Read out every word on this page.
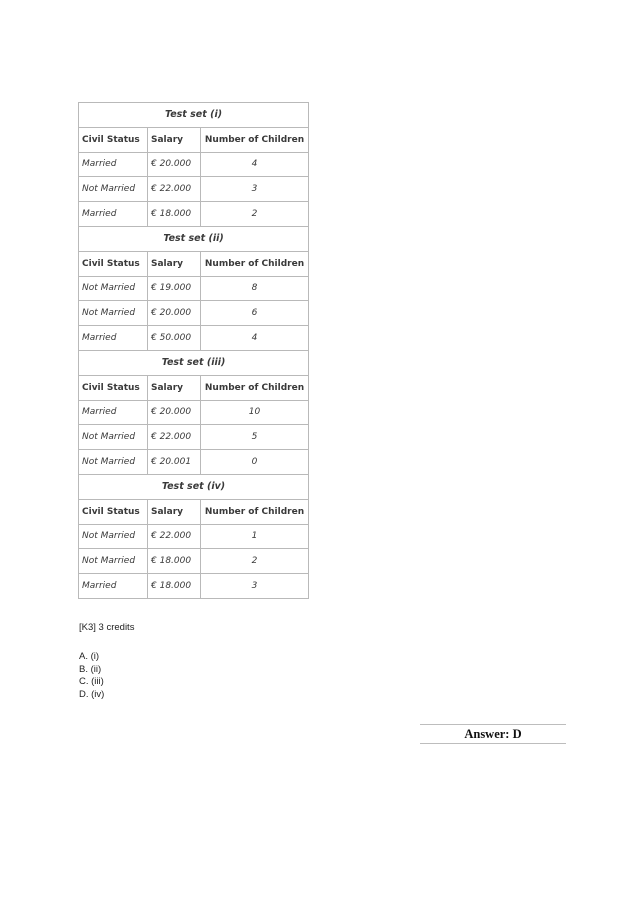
Test set (i)		
Civil Status	Salary	Number of Children
Married	€ 20.000	4
Not Married	€ 22.000	3
Married	€ 18.000	2
Test set (ii)		
Civil Status	Salary	Number of Children
Not Married	€ 19.000	8
Not Married	€ 20.000	6
Married	€ 50.000	4
Test set (iii)		
Civil Status	Salary	Number of Children
Married	€ 20.000	10
Not Married	€ 22.000	5
Not Married	€ 20.001	0
Test set (iv)		
Civil Status	Salary	Number of Children
Not Married	€ 22.000	1
Not Married	€ 18.000	2
Married	€ 18.000	3
[K3] 3 credits
A. (i)
B. (ii)
C. (iii)
D. (iv)
Answer: D
